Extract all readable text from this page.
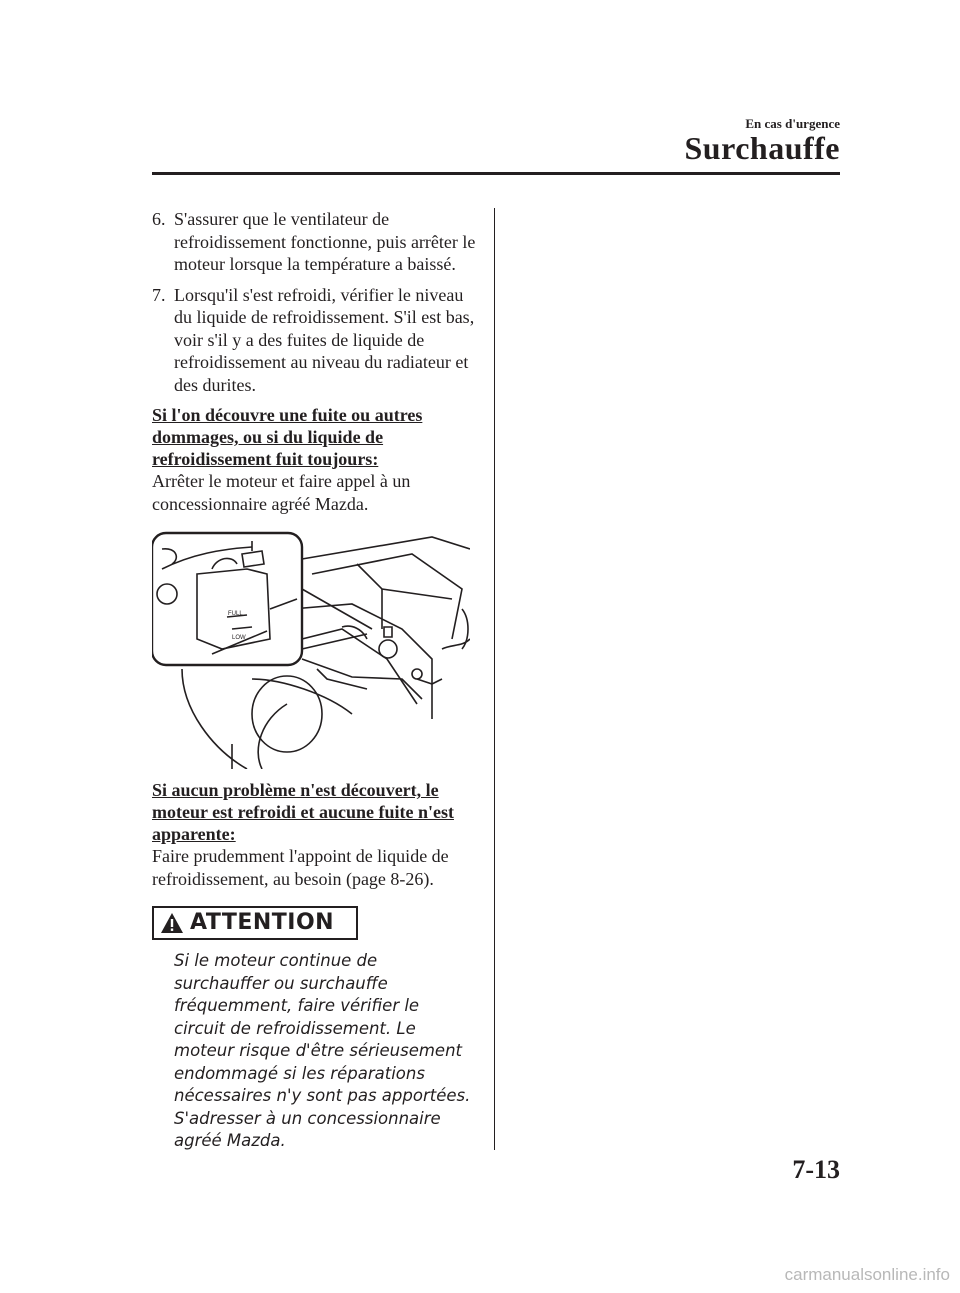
En cas d'urgence
Surchauffe
6. S'assurer que le ventilateur de refroidissement fonctionne, puis arrêter le moteur lorsque la température a baissé.

7. Lorsqu'il s'est refroidi, vérifier le niveau du liquide de refroidissement. S'il est bas, voir s'il y a des fuites de liquide de refroidissement au niveau du radiateur et des durites.

Si l'on découvre une fuite ou autres dommages, ou si du liquide de refroidissement fuit toujours:

Arrêter le moteur et faire appel à un concessionnaire agréé Mazda.

FULL
LOW

Si aucun problème n'est découvert, le moteur est refroidi et aucune fuite n'est apparente:

Faire prudemment l'appoint de liquide de refroidissement, au besoin (page 8-26).

ATTENTION

Si le moteur continue de surchauffer ou surchauffe fréquemment, faire vérifier le circuit de refroidissement. Le moteur risque d'être sérieusement endommagé si les réparations nécessaires n'y sont pas apportées. S'adresser à un concessionnaire agréé Mazda.

7-13
carmanualsonline.info
